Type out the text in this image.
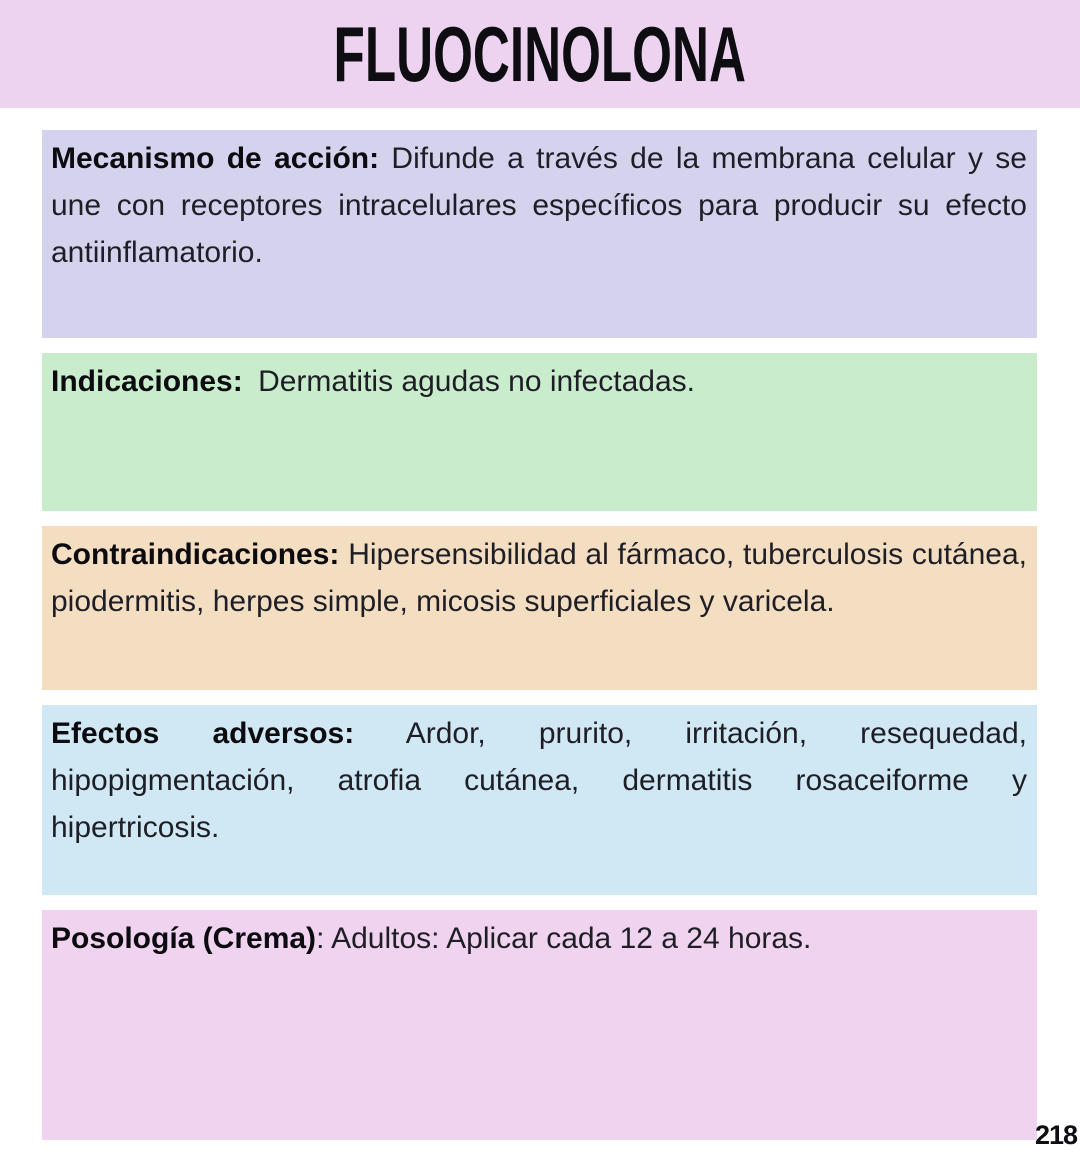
FLUOCINOLONA

Mecanismo de acción: Difunde a través de la membrana celular y se une con receptores intracelulares específicos para producir su efecto antiinflamatorio.

Indicaciones: Dermatitis agudas no infectadas.

Contraindicaciones: Hipersensibilidad al fármaco, tuberculosis cutánea, piodermitis, herpes simple, micosis superficiales y varicela.

Efectos adversos: Ardor, prurito, irritación, resequedad, hipopigmentación, atrofia cutánea, dermatitis rosaceiforme y hipertricosis.

Posología (Crema): Adultos: Aplicar cada 12 a 24 horas.

218
